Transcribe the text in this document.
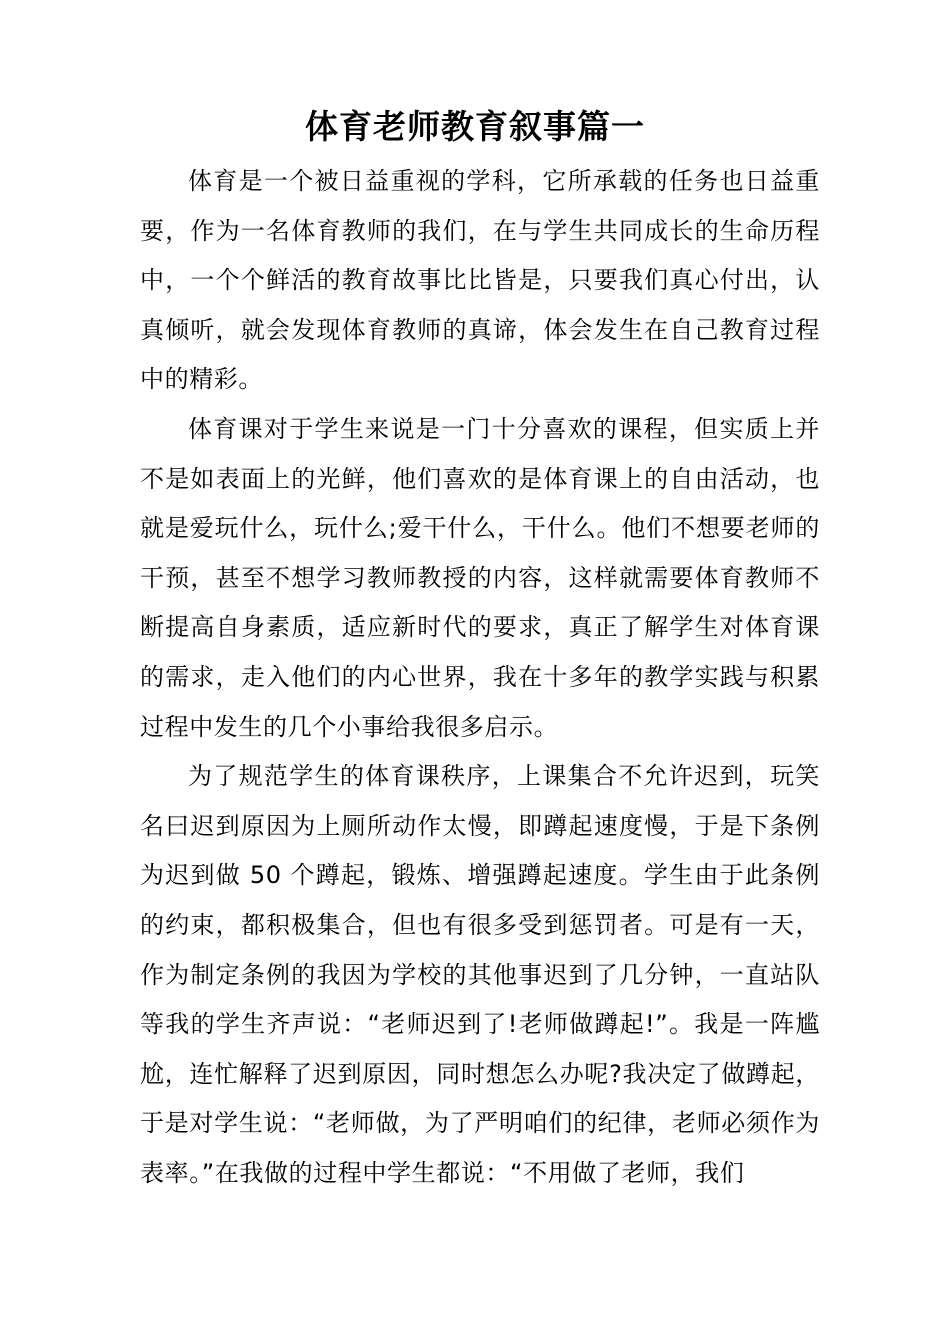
体育老师教育叙事篇一

体育是一个被日益重视的学科，它所承载的任务也日益重要，作为一名体育教师的我们，在与学生共同成长的生命历程中，一个个鲜活的教育故事比比皆是，只要我们真心付出，认真倾听，就会发现体育教师的真谛，体会发生在自己教育过程中的精彩。

体育课对于学生来说是一门十分喜欢的课程，但实质上并不是如表面上的光鲜，他们喜欢的是体育课上的自由活动，也就是爱玩什么，玩什么;爱干什么，干什么。他们不想要老师的干预，甚至不想学习教师教授的内容，这样就需要体育教师不断提高自身素质，适应新时代的要求，真正了解学生对体育课的需求，走入他们的内心世界，我在十多年的教学实践与积累过程中发生的几个小事给我很多启示。

为了规范学生的体育课秩序，上课集合不允许迟到，玩笑名曰迟到原因为上厕所动作太慢，即蹲起速度慢，于是下条例为迟到做 50 个蹲起，锻炼、增强蹲起速度。学生由于此条例的约束，都积极集合，但也有很多受到惩罚者。可是有一天，作为制定条例的我因为学校的其他事迟到了几分钟，一直站队等我的学生齐声说：“老师迟到了!老师做蹲起!”。我是一阵尴尬，连忙解释了迟到原因，同时想怎么办呢?我决定了做蹲起，于是对学生说：“老师做，为了严明咱们的纪律，老师必须作为表率。”在我做的过程中学生都说：“不用做了老师，我们
